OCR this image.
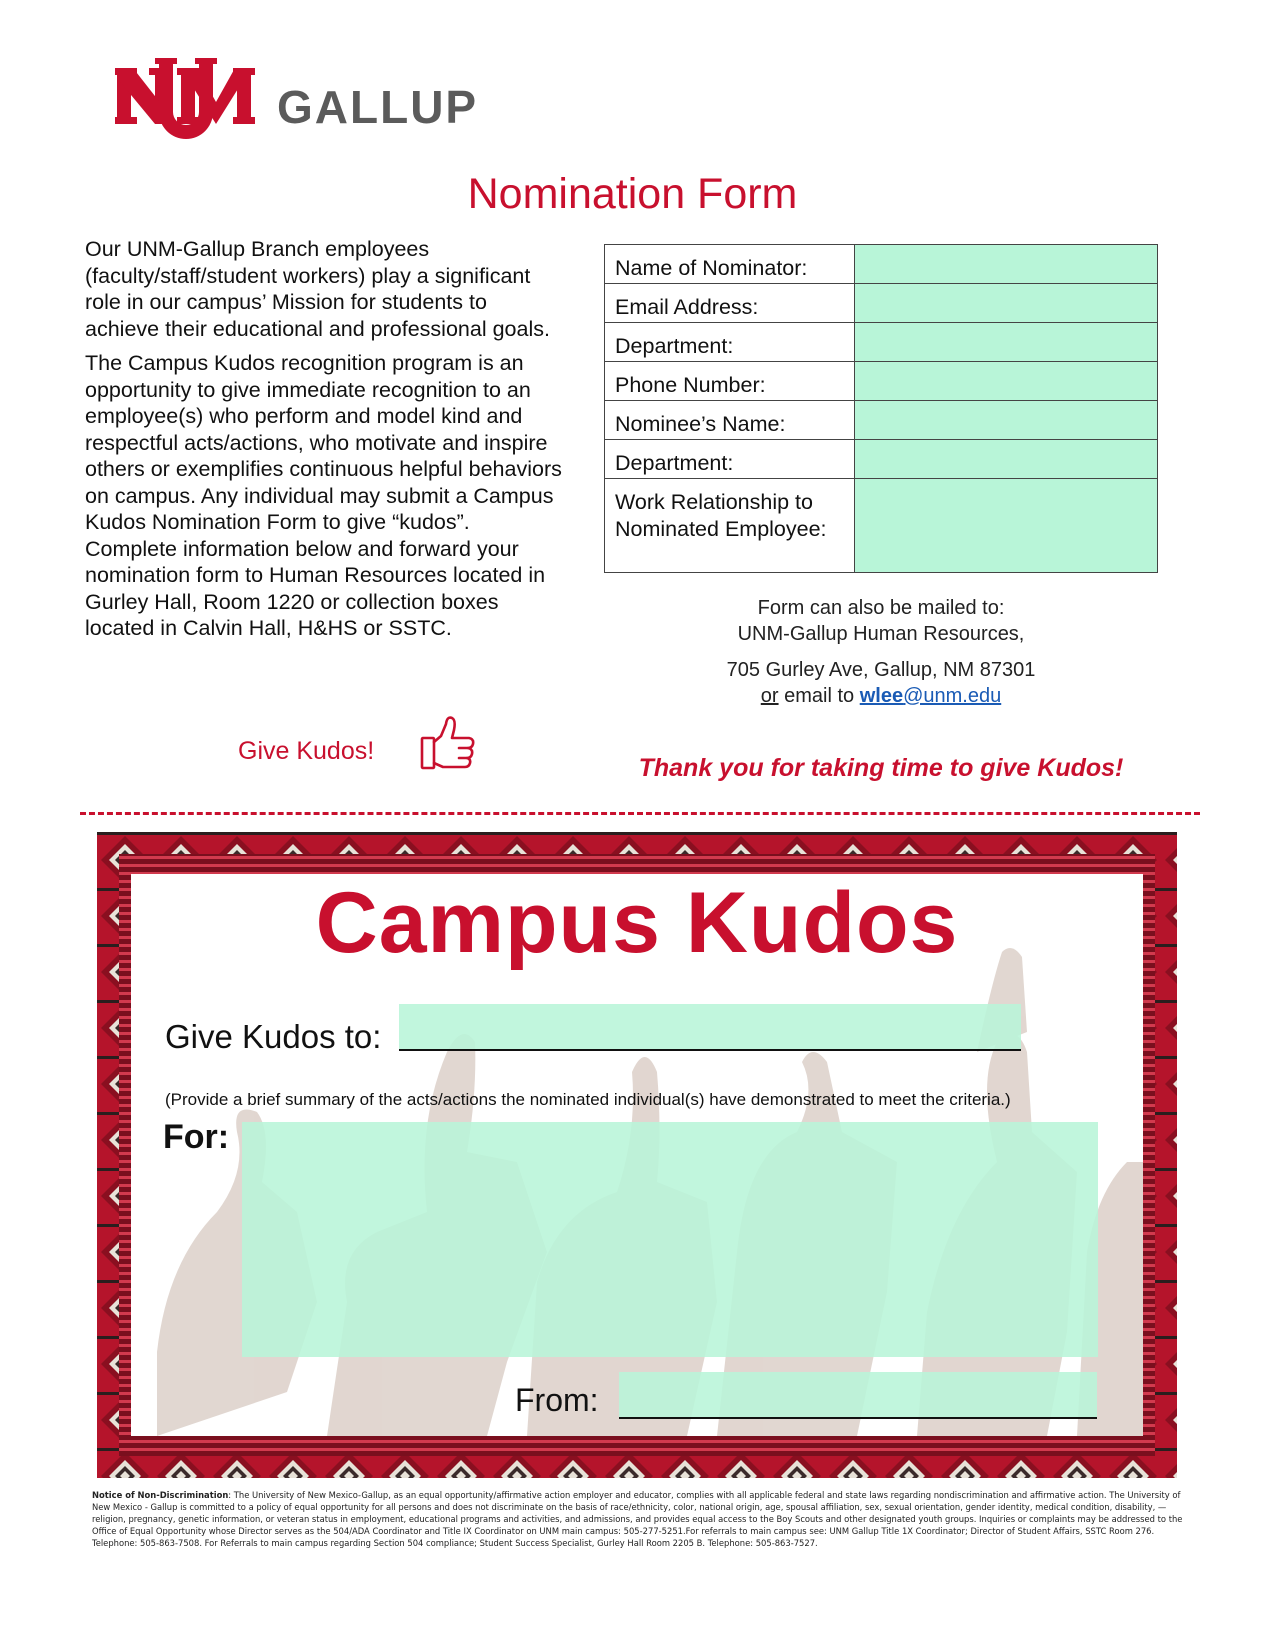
GALLUP
Nomination Form

Our UNM-Gallup Branch employees (faculty/staff/student workers) play a significant role in our campus’ Mission for students to achieve their educational and professional goals.

The Campus Kudos recognition program is an opportunity to give immediate recognition to an employee(s) who perform and model kind and respectful acts/actions, who motivate and inspire others or exemplifies continuous helpful behaviors on campus. Any individual may submit a Campus Kudos Nomination Form to give “kudos”. Complete information below and forward your nomination form to Human Resources located in Gurley Hall, Room 1220 or collection boxes located in Calvin Hall, H&HS or SSTC.

Give Kudos!
Name of Nominator:	
Email Address:	
Department:	
Phone Number:	
Nominee’s Name:	
Department:	
Work Relationship to Nominated Employee:	

Form can also be mailed to:

UNM-Gallup Human Resources,

705 Gurley Ave, Gallup, NM 87301

or email to wlee@unm.edu

Thank you for taking time to give Kudos!
Campus Kudos
Give Kudos to:
(Provide a brief summary of the acts/actions the nominated individual(s) have demonstrated to meet the criteria.)
For:
From:
Notice of Non-Discrimination: The University of New Mexico-Gallup, as an equal opportunity/affirmative action employer and educator, complies with all applicable federal and state laws regarding nondiscrimination and affirmative action. The University of New Mexico - Gallup is committed to a policy of equal opportunity for all persons and does not discriminate on the basis of race/ethnicity, color, national origin, age, spousal affiliation, sex, sexual orientation, gender identity, medical condition, disability, —religion, pregnancy, genetic information, or veteran status in employment, educational programs and activities, and admissions, and provides equal access to the Boy Scouts and other designated youth groups. Inquiries or complaints may be addressed to the Office of Equal Opportunity whose Director serves as the 504/ADA Coordinator and Title IX Coordinator on UNM main campus: 505-277-5251.For referrals to main campus see: UNM Gallup Title 1X Coordinator; Director of Student Affairs, SSTC Room 276. Telephone: 505-863-7508. For Referrals to main campus regarding Section 504 compliance; Student Success Specialist, Gurley Hall Room 2205 B. Telephone: 505-863-7527.
